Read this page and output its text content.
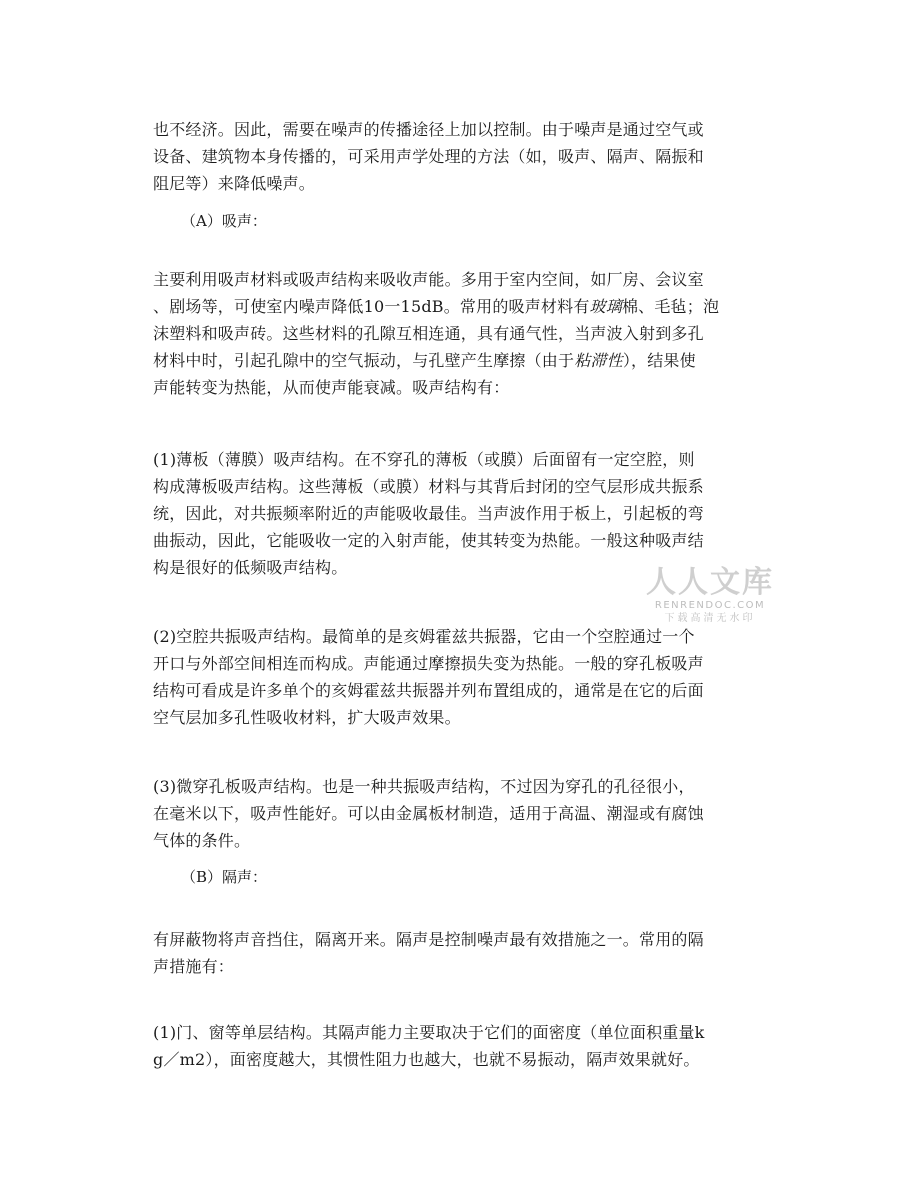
也不经济。因此，需要在噪声的传播途径上加以控制。由于噪声是通过空气或
设备、建筑物本身传播的，可采用声学处理的方法（如，吸声、隔声、隔振和
阻尼等）来降低噪声。
（A）吸声：
主要利用吸声材料或吸声结构来吸收声能。多用于室内空间，如厂房、会议室
、剧场等，可使室内噪声降低10一15dB。常用的吸声材料有玻璃棉、毛毡；泡
沫塑料和吸声砖。这些材料的孔隙互相连通，具有通气性，当声波入射到多孔
材料中时，引起孔隙中的空气振动，与孔壁产生摩擦（由于粘滞性），结果使
声能转变为热能，从而使声能衰减。吸声结构有：
(1)薄板（薄膜）吸声结构。在不穿孔的薄板（或膜）后面留有一定空腔，则
构成薄板吸声结构。这些薄板（或膜）材料与其背后封闭的空气层形成共振系
统，因此，对共振频率附近的声能吸收最佳。当声波作用于板上，引起板的弯
曲振动，因此，它能吸收一定的入射声能，使其转变为热能。一般这种吸声结
构是很好的低频吸声结构。
(2)空腔共振吸声结构。最简单的是亥姆霍兹共振器，它由一个空腔通过一个
开口与外部空间相连而构成。声能通过摩擦损失变为热能。一般的穿孔板吸声
结构可看成是许多单个的亥姆霍兹共振器并列布置组成的，通常是在它的后面
空气层加多孔性吸收材料，扩大吸声效果。
(3)微穿孔板吸声结构。也是一种共振吸声结构，不过因为穿孔的孔径很小，
在毫米以下，吸声性能好。可以由金属板材制造，适用于高温、潮湿或有腐蚀
气体的条件。
（B）隔声：
有屏蔽物将声音挡住，隔离开来。隔声是控制噪声最有效措施之一。常用的隔
声措施有：
(1)门、窗等单层结构。其隔声能力主要取决于它们的面密度（单位面积重量k
g／m2），面密度越大，其惯性阻力也越大，也就不易振动，隔声效果就好。
人人文库
RENRENDOC.COM
下载高清无水印
